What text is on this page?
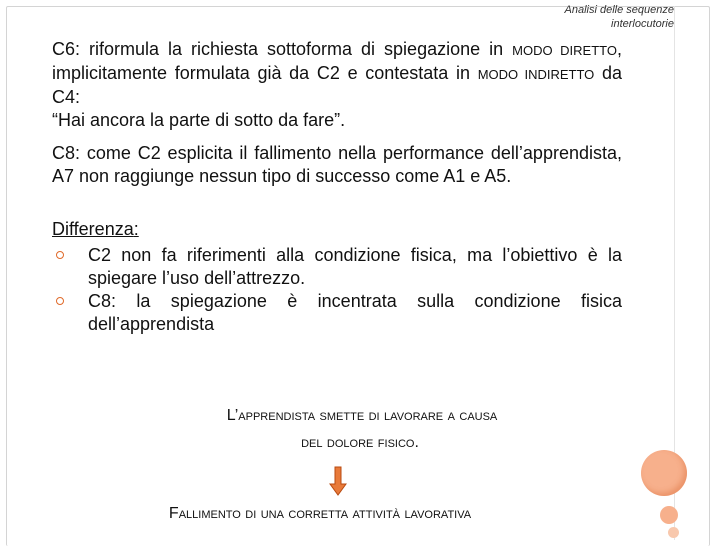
Analisi delle sequenze
interlocutorie

C6: riformula la richiesta sottoforma di spiegazione in MODO DIRETTO, implicitamente formulata già da C2 e contestata in MODO INDIRETTO da C4:
“Hai ancora la parte di sotto da fare”.

C8: come C2 esplicita il fallimento nella performance dell’apprendista, A7 non raggiunge nessun tipo di successo come A1 e A5.

Differenza:
C2 non fa riferimenti alla condizione fisica, ma l’obiettivo è la spiegare l’uso dell’attrezzo.
C8: la spiegazione è incentrata sulla condizione fisica dell’apprendista
L’apprendista smette di lavorare a causa
del dolore fisico.
Fallimento di una corretta attività lavorativa
